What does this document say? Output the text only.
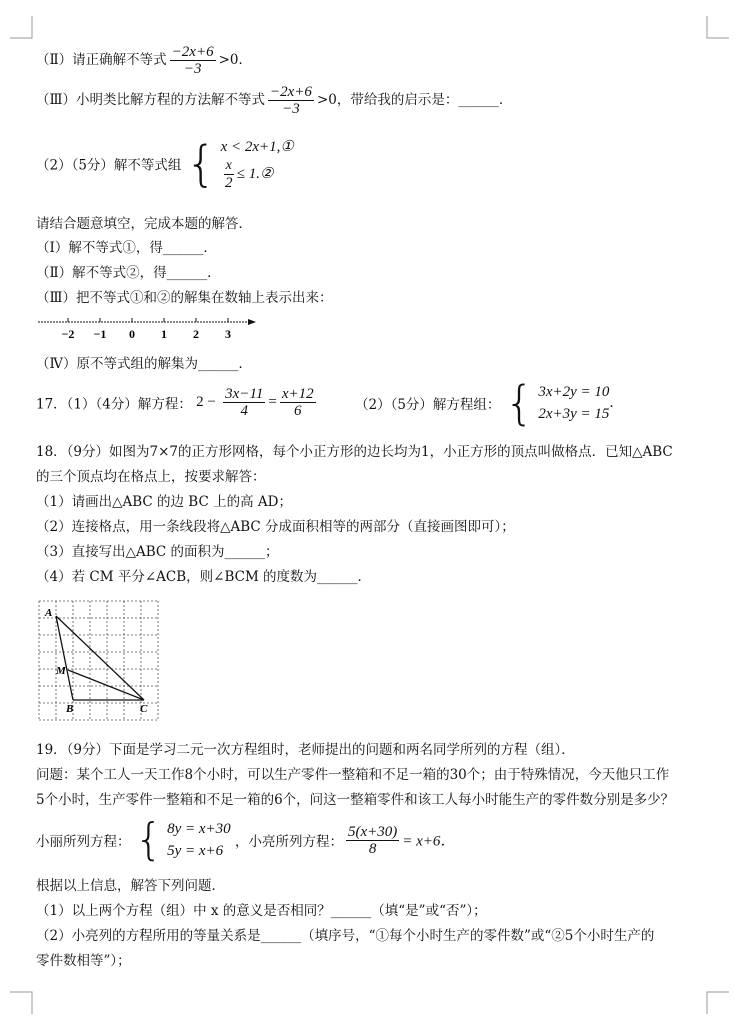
（Ⅱ）请正确解不等式 $\frac{-2x+6}{-3} >0$．
（Ⅲ）小明类比解方程的方法解不等式 $\frac{-2x+6}{-3} >0$，带给我的启示是：______．
（2）（5分）解不等式组 { x < 2x+1,①
$\frac{x}{2}$ ≤ 1.②
请结合题意填空，完成本题的解答．
（Ⅰ）解不等式①，得______．
（Ⅱ）解不等式②，得______．
（Ⅲ）把不等式①和②的解集在数轴上表示出来：
−2 −1 0 1 2 3
（Ⅳ）原不等式组的解集为______．
17．（1）（4分）解方程： $2 - \frac{3x-11}{4} = \frac{x+12}{6}$	（2）（5分）解方程组： { 3x+2y = 10
2x+3y = 15
.
18．（9分）如图为7×7的正方形网格，每个小正方形的边长均为1，小正方形的顶点叫做格点．已知△ABC
的三个顶点均在格点上，按要求解答：
（1）请画出△ABC 的边 BC 上的高 AD；
（2）连接格点，用一条线段将△ABC 分成面积相等的两部分（直接画图即可）；
（3）直接写出△ABC 的面积为______；
（4）若 CM 平分∠ACB，则∠BCM 的度数为______．
A
M
B	C
19．（9分）下面是学习二元一次方程组时，老师提出的问题和两名同学所列的方程（组）．
问题：某个工人一天工作8个小时，可以生产零件一整箱和不足一箱的30个；由于特殊情况，今天他只工作
5个小时，生产零件一整箱和不足一箱的6个，问这一整箱零件和该工人每小时能生产的零件数分别是多少？
小丽所列方程： { 8y = x+30
5y = x+6
，小亮所列方程： $\frac{5(x+30)}{8} = x+6$．
根据以上信息，解答下列问题．
（1）以上两个方程（组）中 x 的意义是否相同？______（填“是”或“否”）；
（2）小亮列的方程所用的等量关系是______（填序号，“①每个小时生产的零件数”或“②5个小时生产的
零件数相等”）；
